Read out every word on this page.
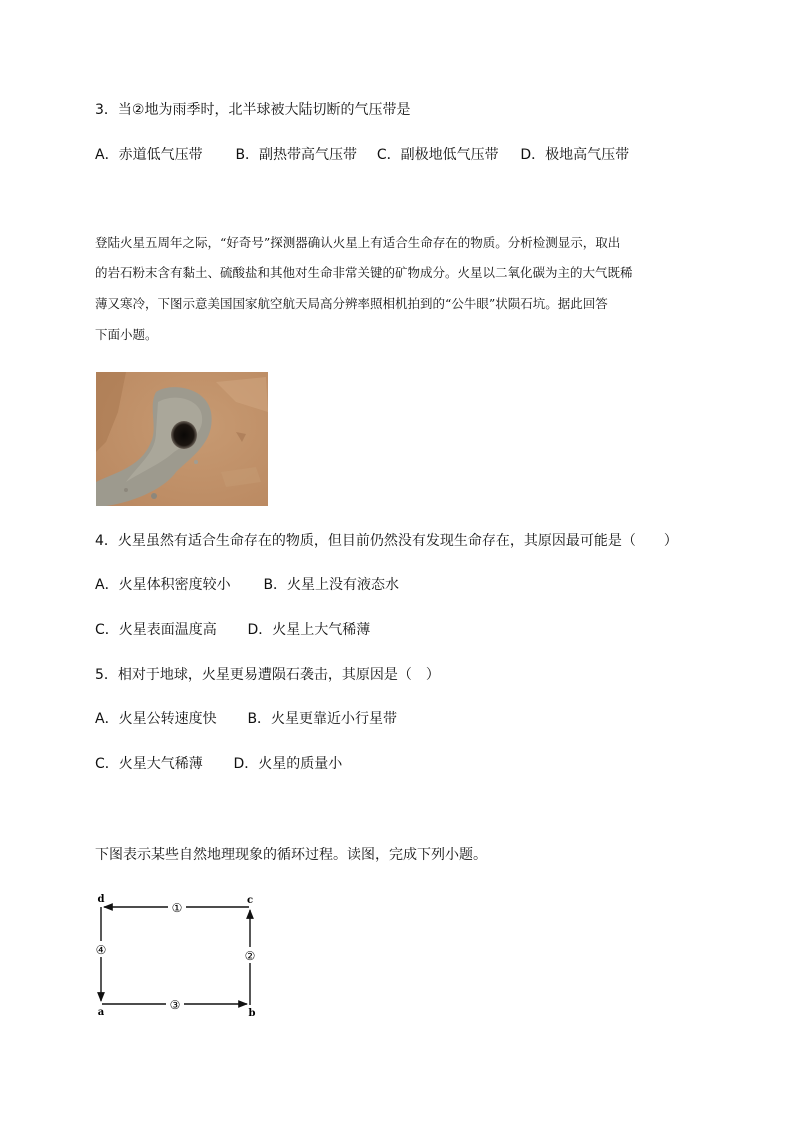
3．当②地为雨季时，北半球被大陆切断的气压带是
A．赤道低气压带 B．副热带高气压带 C．副极地低气压带 D．极地高气压带
登陆火星五周年之际，“好奇号”探测器确认火星上有适合生命存在的物质。分析检测显示，取出
的岩石粉末含有黏土、硫酸盐和其他对生命非常关键的矿物成分。火星以二氧化碳为主的大气既稀
薄又寒冷，下图示意美国国家航空航天局高分辨率照相机拍到的“公牛眼”状陨石坑。据此回答
下面小题。
4．火星虽然有适合生命存在的物质，但目前仍然没有发现生命存在，其原因最可能是（　　）
A．火星体积密度较小 B．火星上没有液态水
C．火星表面温度高 D．火星上大气稀薄
5．相对于地球，火星更易遭陨石袭击，其原因是（　）
A．火星公转速度快 B．火星更靠近小行星带
C．火星大气稀薄 D．火星的质量小
下图表示某些自然地理现象的循环过程。读图，完成下列小题。
①
②
③
④
d	c
a	b
